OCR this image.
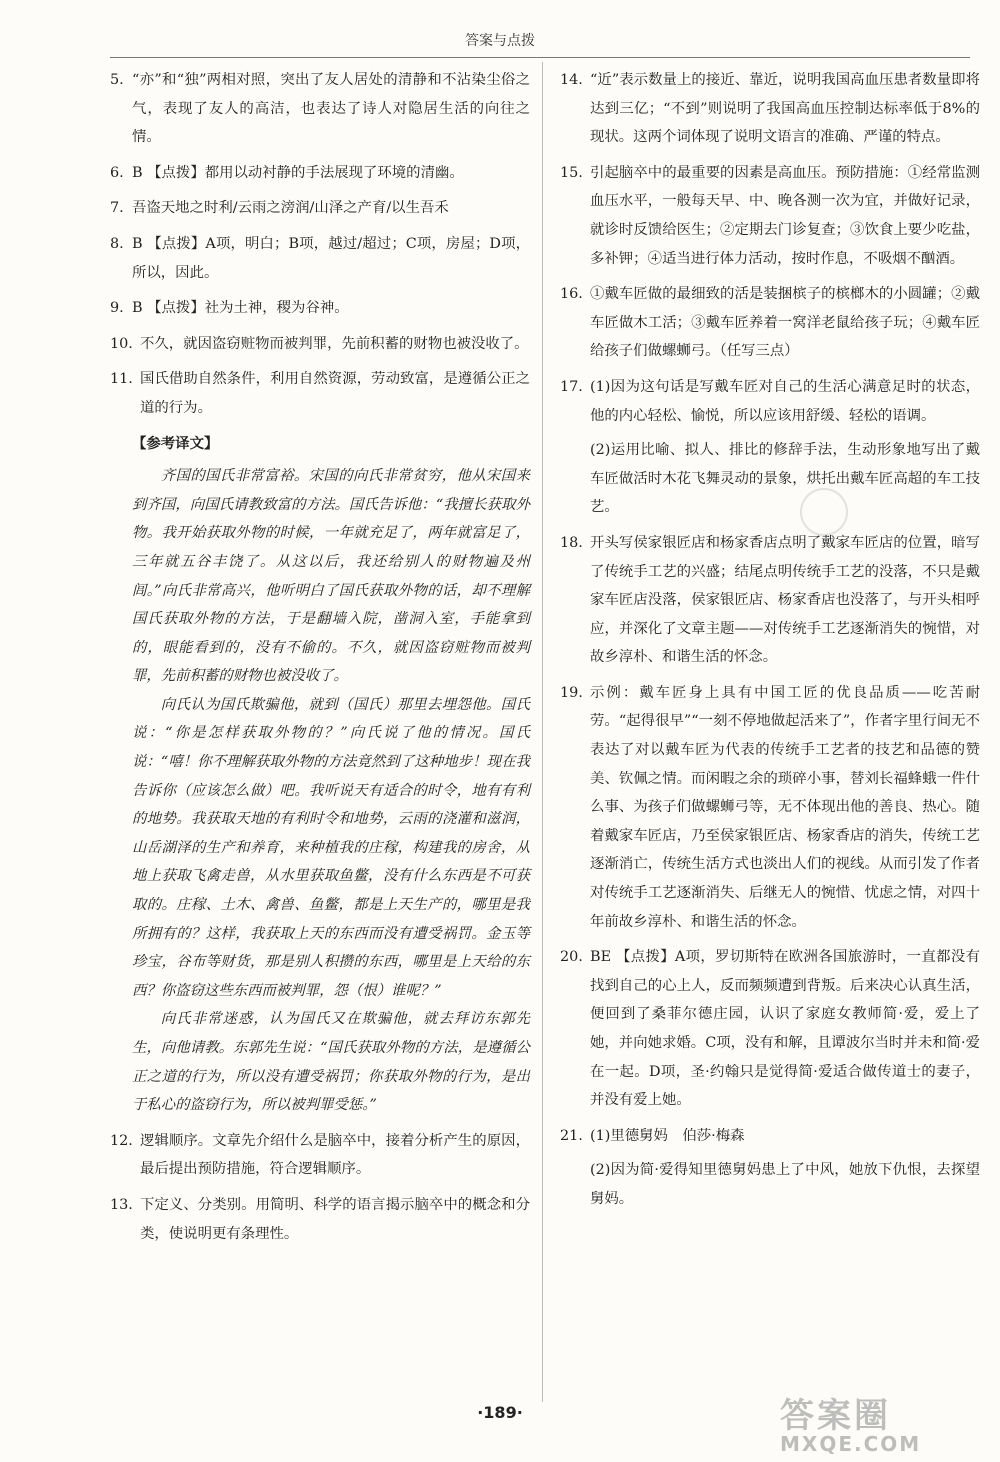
答案与点拨
5. “亦”和“独”两相对照，突出了友人居处的清静和不沾染尘俗之气，表现了友人的高洁，也表达了诗人对隐居生活的向往之情。
6. B 【点拨】都用以动衬静的手法展现了环境的清幽。
7. 吾盗天地之时利/云雨之滂润/山泽之产育/以生吾禾
8. B 【点拨】A项，明白；B项，越过/超过；C项，房屋；D项，所以，因此。
9. B 【点拨】社为土神，稷为谷神。
10. 不久，就因盗窃赃物而被判罪，先前积蓄的财物也被没收了。
11. 国氏借助自然条件，利用自然资源，劳动致富，是遵循公正之道的行为。
【参考译文】

齐国的国氏非常富裕。宋国的向氏非常贫穷，他从宋国来到齐国，向国氏请教致富的方法。国氏告诉他：“我擅长获取外物。我开始获取外物的时候，一年就充足了，两年就富足了，三年就五谷丰饶了。从这以后，我还给别人的财物遍及州闾。”向氏非常高兴，他听明白了国氏获取外物的话，却不理解国氏获取外物的方法，于是翻墙入院，凿洞入室，手能拿到的，眼能看到的，没有不偷的。不久，就因盗窃赃物而被判罪，先前积蓄的财物也被没收了。

向氏认为国氏欺骗他，就到（国氏）那里去埋怨他。国氏说：“你是怎样获取外物的？”向氏说了他的情况。国氏说：“嘻！你不理解获取外物的方法竟然到了这种地步！现在我告诉你（应该怎么做）吧。我听说天有适合的时令，地有有利的地势。我获取天地的有利时令和地势，云雨的浇灌和滋润，山岳湖泽的生产和养育，来种植我的庄稼，构建我的房舍，从地上获取飞禽走兽，从水里获取鱼鳖，没有什么东西是不可获取的。庄稼、土木、禽兽、鱼鳖，都是上天生产的，哪里是我所拥有的？这样，我获取上天的东西而没有遭受祸罚。金玉等珍宝，谷布等财货，那是别人积攒的东西，哪里是上天给的东西？你盗窃这些东西而被判罪，怨（恨）谁呢？”

向氏非常迷惑，认为国氏又在欺骗他，就去拜访东郭先生，向他请教。东郭先生说：“国氏获取外物的方法，是遵循公正之道的行为，所以没有遭受祸罚；你获取外物的行为，是出于私心的盗窃行为，所以被判罪受惩。”

12. 逻辑顺序。文章先介绍什么是脑卒中，接着分析产生的原因，最后提出预防措施，符合逻辑顺序。
13. 下定义、分类别。用简明、科学的语言揭示脑卒中的概念和分类，使说明更有条理性。
14. “近”表示数量上的接近、靠近，说明我国高血压患者数量即将达到三亿；“不到”则说明了我国高血压控制达标率低于8%的现状。这两个词体现了说明文语言的准确、严谨的特点。
15. 引起脑卒中的最重要的因素是高血压。预防措施：①经常监测血压水平，一般每天早、中、晚各测一次为宜，并做好记录，就诊时反馈给医生；②定期去门诊复查；③饮食上要少吃盐，多补钾；④适当进行体力活动，按时作息，不吸烟不酗酒。
16. ①戴车匠做的最细致的活是装捆槟子的槟榔木的小圆罐；②戴车匠做木工活；③戴车匠养着一窝洋老鼠给孩子玩；④戴车匠给孩子们做螺蛳弓。（任写三点）
17. (1)因为这句话是写戴车匠对自己的生活心满意足时的状态，他的内心轻松、愉悦，所以应该用舒缓、轻松的语调。
(2)运用比喻、拟人、排比的修辞手法，生动形象地写出了戴车匠做活时木花飞舞灵动的景象，烘托出戴车匠高超的车工技艺。
18. 开头写侯家银匠店和杨家香店点明了戴家车匠店的位置，暗写了传统手工艺的兴盛；结尾点明传统手工艺的没落，不只是戴家车匠店没落，侯家银匠店、杨家香店也没落了，与开头相呼应，并深化了文章主题——对传统手工艺逐渐消失的惋惜，对故乡淳朴、和谐生活的怀念。
19. 示例：戴车匠身上具有中国工匠的优良品质——吃苦耐劳。“起得很早”“一刻不停地做起活来了”，作者字里行间无不表达了对以戴车匠为代表的传统手工艺者的技艺和品德的赞美、钦佩之情。而闲暇之余的琐碎小事，替刘长福蜂蛾一件什么事、为孩子们做螺蛳弓等，无不体现出他的善良、热心。随着戴家车匠店，乃至侯家银匠店、杨家香店的消失，传统工艺逐渐消亡，传统生活方式也淡出人们的视线。从而引发了作者对传统手工艺逐渐消失、后继无人的惋惜、忧虑之情，对四十年前故乡淳朴、和谐生活的怀念。
20. BE 【点拨】A项，罗切斯特在欧洲各国旅游时，一直都没有找到自己的心上人，反而频频遭到背叛。后来决心认真生活，便回到了桑菲尔德庄园，认识了家庭女教师简·爱，爱上了她，并向她求婚。C项，没有和解，且谭波尔当时并未和简·爱在一起。D项，圣·约翰只是觉得简·爱适合做传道士的妻子，并没有爱上她。
21. (1)里德舅妈　伯莎·梅森
(2)因为简·爱得知里德舅妈患上了中风，她放下仇恨，去探望舅妈。
·189·	答案圈
MXQE.COM
